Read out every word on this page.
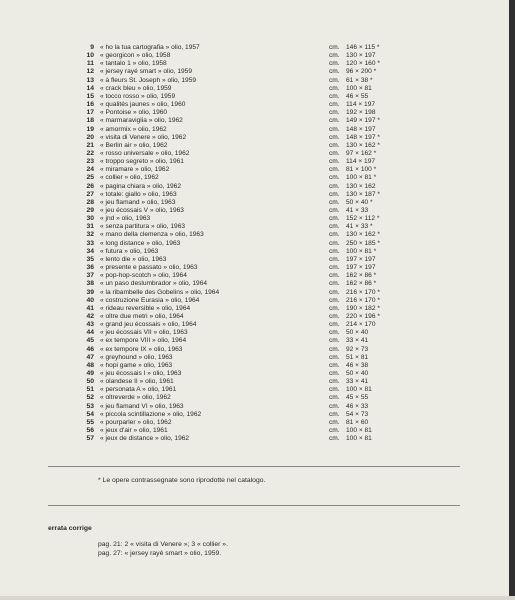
9 « ho la tua cartografia » olio, 1957	cm. 146 × 115 *
10 « georgicon » olio, 1958	cm. 130 × 197
11 « tantalo 1 » olio, 1958	cm. 120 × 160 *
12 « jersey rayé smart » olio, 1959	cm. 96 × 200 *
13 « à fleurs St. Joseph » olio, 1959	cm. 61 × 38 *
14 « crack bleu » olio, 1959	cm. 100 × 81
15 « tocco rosso » olio, 1959	cm. 46 × 55
16 « qualités jaunes » olio, 1960	cm. 114 × 197
17 « Pontoise » olio, 1960	cm. 192 × 198
18 « marmaraviglia » olio, 1962	cm. 149 × 197 *
19 « amormix » olio, 1962	cm. 148 × 197
20 « visita di Venere » olio, 1962	cm. 148 × 197 *
21 « Berlin air » olio, 1962	cm. 130 × 162 *
22 « rosso universale » olio, 1962	cm. 97 × 162 *
23 « troppo segreto » olio, 1961	cm. 114 × 197
24 « miramare » olio, 1962	cm. 81 × 100 *
25 « collier » olio, 1962	cm. 100 × 81 *
26 « pagina chiara » olio, 1962	cm. 130 × 162
27 « totale: giallo » olio, 1963	cm. 130 × 187 *
28 « jeu flamand » olio, 1963	cm. 50 × 40 *
29 « jeu écossais V » olio, 1963	cm. 41 × 33
30 « jnd » olio, 1963	cm. 152 × 112 *
31 « senza partitura » olio, 1963	cm. 41 × 33 *
32 « mano della clemenza » olio, 1963	cm. 130 × 162 *
33 « long distance » olio, 1963	cm. 250 × 185 *
34 « futura » olio, 1963	cm. 100 × 81 *
35 « lento die » olio, 1963	cm. 197 × 197
36 « presente e passato » olio, 1963	cm. 197 × 197
37 « pop-hop-scotch » olio, 1964	cm. 162 × 86 *
38 « un paso deslumbrador » olio, 1964	cm. 162 × 86 *
39 « la ribambelle des Gobelins » olio, 1964	cm. 216 × 170 *
40 « costruzione Eurasia » olio, 1964	cm. 216 × 170 *
41 « rideau reversible » olio, 1964	cm. 190 × 182 *
42 « oltre due metri » olio, 1964	cm. 220 × 196 *
43 « grand jeu écossais » olio, 1964	cm. 214 × 170
44 « jeu écossais VII » olio, 1963	cm. 50 × 40
45 « ex tempore VIII » olio, 1964	cm. 33 × 41
46 « ex tempore IX » olio, 1963	cm. 92 × 73
47 « greyhound » olio, 1963	cm. 51 × 81
48 « hopi game » olio, 1963	cm. 46 × 38
49 « jeu écossais I » olio, 1963	cm. 50 × 40
50 « olandese II » olio, 1961	cm. 33 × 41
51 « personata A » olio, 1961	cm. 100 × 81
52 « oltreverde » olio, 1962	cm. 45 × 55
53 « jeu flamand VI » olio, 1963	cm. 46 × 33
54 « piccola scintillazione » olio, 1962	cm. 54 × 73
55 « pourparler » olio, 1962	cm. 81 × 60
56 « jeux d'air » olio, 1961	cm. 100 × 81
57 « jeux de distance » olio, 1962	cm. 100 × 81
* Le opere contrassegnate sono riprodotte nel catalogo.
errata corrige
pag. 21: 2 « visita di Venere »; 3 « collier ».
pag. 27: « jersey rayé smart » olio, 1959.
